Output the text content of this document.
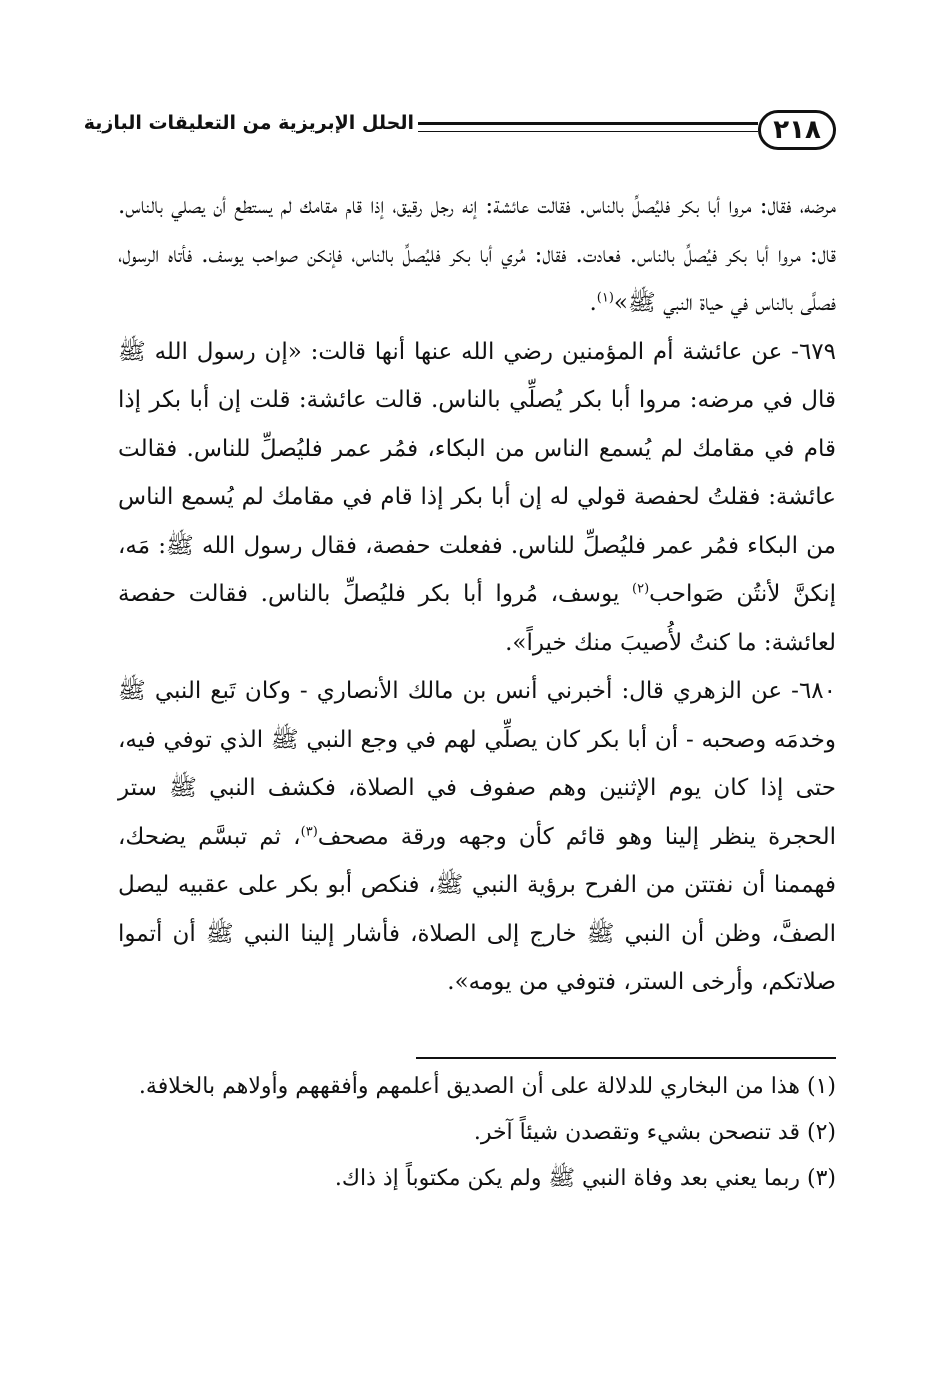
٢١٨
الحلل الإبريزية من التعليقات البازية

مرضه، فقال: مروا أبا بكر فليُصلِّ بالناس. فقالت عائشة: إنه رجل رقيق، إذا قام مقامك لم يستطع أن يصلي بالناس. قال: مروا أبا بكر فيُصلِّ بالناس. فعادت. فقال: مُري أبا بكر فليُصلِّ بالناس، فإنكن صواحب يوسف. فأتاه الرسول، فصلَّى بالناس في حياة النبي ﷺ»$^{(١)}$.

٦٧٩- عن عائشة أم المؤمنين رضي الله عنها أنها قالت: «إن رسول الله ﷺ قال في مرضه: مروا أبا بكر يُصلِّي بالناس. قالت عائشة: قلت إن أبا بكر إذا قام في مقامك لم يُسمع الناس من البكاء، فمُر عمر فليُصلِّ للناس. فقالت عائشة: فقلتُ لحفصة قولي له إن أبا بكر إذا قام في مقامك لم يُسمع الناس من البكاء فمُر عمر فليُصلِّ للناس. ففعلت حفصة، فقال رسول الله ﷺ: مَه، إنكنَّ لأنتُن صَواحب$^{(٢)}$ يوسف، مُروا أبا بكر فليُصلِّ بالناس. فقالت حفصة لعائشة: ما كنتُ لأُصيبَ منك خيراً».

٦٨٠- عن الزهري قال: أخبرني أنس بن مالك الأنصاري - وكان تَبع النبي ﷺ وخدمَه وصحبه - أن أبا بكر كان يصلِّي لهم في وجع النبي ﷺ الذي توفي فيه، حتى إذا كان يوم الإثنين وهم صفوف في الصلاة، فكشف النبي ﷺ ستر الحجرة ينظر إلينا وهو قائم كأن وجهه ورقة مصحف$^{(٣)}$، ثم تبسَّم يضحك، فهممنا أن نفتتن من الفرح برؤية النبي ﷺ، فنكص أبو بكر على عقبيه ليصل الصفَّ، وظن أن النبي ﷺ خارج إلى الصلاة، فأشار إلينا النبي ﷺ أن أتموا صلاتكم، وأرخى الستر، فتوفي من يومه».

(١) هذا من البخاري للدلالة على أن الصديق أعلمهم وأفقههم وأولاهم بالخلافة.

(٢) قد تنصحن بشيء وتقصدن شيئاً آخر.

(٣) ربما يعني بعد وفاة النبي ﷺ ولم يكن مكتوباً إذ ذاك.
